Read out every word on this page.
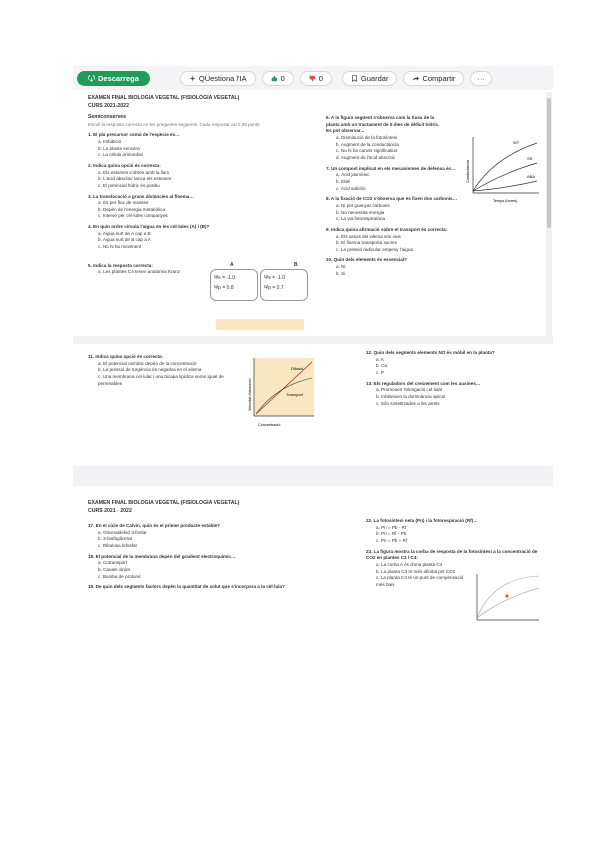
Descarrega	QÜestiona l'IA	0	0	Guardar	Compartir	···
EXAMEN FINAL BIOLOGIA VEGETAL (FISIOLOGIA VEGETAL)
CURS 2021-2022
Semiconserves
Escull la resposta correcta en les preguntes següents. Cada resposta val 0,25 punts.
1. El pla precursor comú de l'espècie és…
a. Imbibició
b. La planta sencera
c. La célula primordial
2. Indica quina opció és correcta:
a. Els estomes s'obren amb la llum
b. L'àcid abscísic tanca els estomes
c. El potencial hídric és positiu
3. La translocació a grans distàncies al floema…
a. Es per flux de masses
b. Depèn de l'energia metabòlica
c. Intervé per cèl·lules companyes
4. En quin ordre circula l'aigua en les cel·lules (A) i (B)?
a. Aigua surt de A cap a B
b. Aigua surt de B cap a A
c. No hi ha moviment
5. Indica la resposta correcta:
a. Les plantes C4 tenen anatomia Kranz
Ψs = -1.0
Ψp = 0.8
Ψs = -1.0
Ψp = 0.7
A	B
6. A la figura següent s'observa com la tiosa de la planta amb un tractament de 5 dies de dèficit hídric. Es pot observar...
a. Disminució de la fotosíntesi
b. Augment de la conductància
c. No hi ha canvis significatius
d. Augment de l'àcid abscísic
7. Un compost implicat en els mecanismes de defensa és…
a. Àcid jasmònic
b. Etilè
c. Àcid salicílic
8. A la fixació de CO2 s'observa que es fixen dos carbonis…
a. Ni pot guanyar carbonis
b. No necessita energia
c. La via fotorespiratòria
9. Indica quina afirmació sobre el transport és correcta:
a. Els vasos del xilema són vius
b. El floema transporta sucres
c. La pressió radicular empeny l'aigua
10. Quin dels elements és essencial?
a. Ni
b. Si
WT
SR
ABA
Temps (hores)
Conductància
11. Indica quina opció és correcta:
a. El potencial osmòtic depèn de la concentració
b. La pressió de turgència és negativa en el xilema
c. Una membrana cel·lular i una bicapa lipídica seran igual de permeables
Difusió
Transport
Concentració
Velocitat d'absorció
12. Quin dels següents elements NO és mòbil en la planta?
a. K
b. Ca
c. P
13. Els reguladors del creixement com les auxines…
a. Promouen l'elongació cel·lular
b. Inhibeixen la dominància apical
c. Són sintetitzades a les arrels
EXAMEN FINAL BIOLOGIA VEGETAL (FISIOLOGIA VEGETAL)
CURS 2021 - 2022
17. En el cicle de Calvin, quin és el primer producte estable?
a. Gliceraldehid 3-fosfat
b. 3-fosfoglicerat
c. Ribulosa bifosfat
18. El potencial de la membrana depèn del gradient electroquímic…
a. Cotransport
b. Canals iònics
c. Bomba de protons
19. De quin dels següents factors depèn la quantitat de solut que s'incorpora a la cèl·lula?
22. La fotosíntesi neta (Pn) i la fotorespiració (Rf)…
a. Pn = Pb - Rf
b. Pn = Rf - Pb
c. Pn = Pb + Rf
23. La figura mostra la corba de resposta de la fotosíntesi a la concentració de CO2 en plantes C3 i C4:
a. La corba A és d'una planta C4
b. La planta C3 té més afinitat pel CO2
c. La planta C4 té un punt de compensació més baix
